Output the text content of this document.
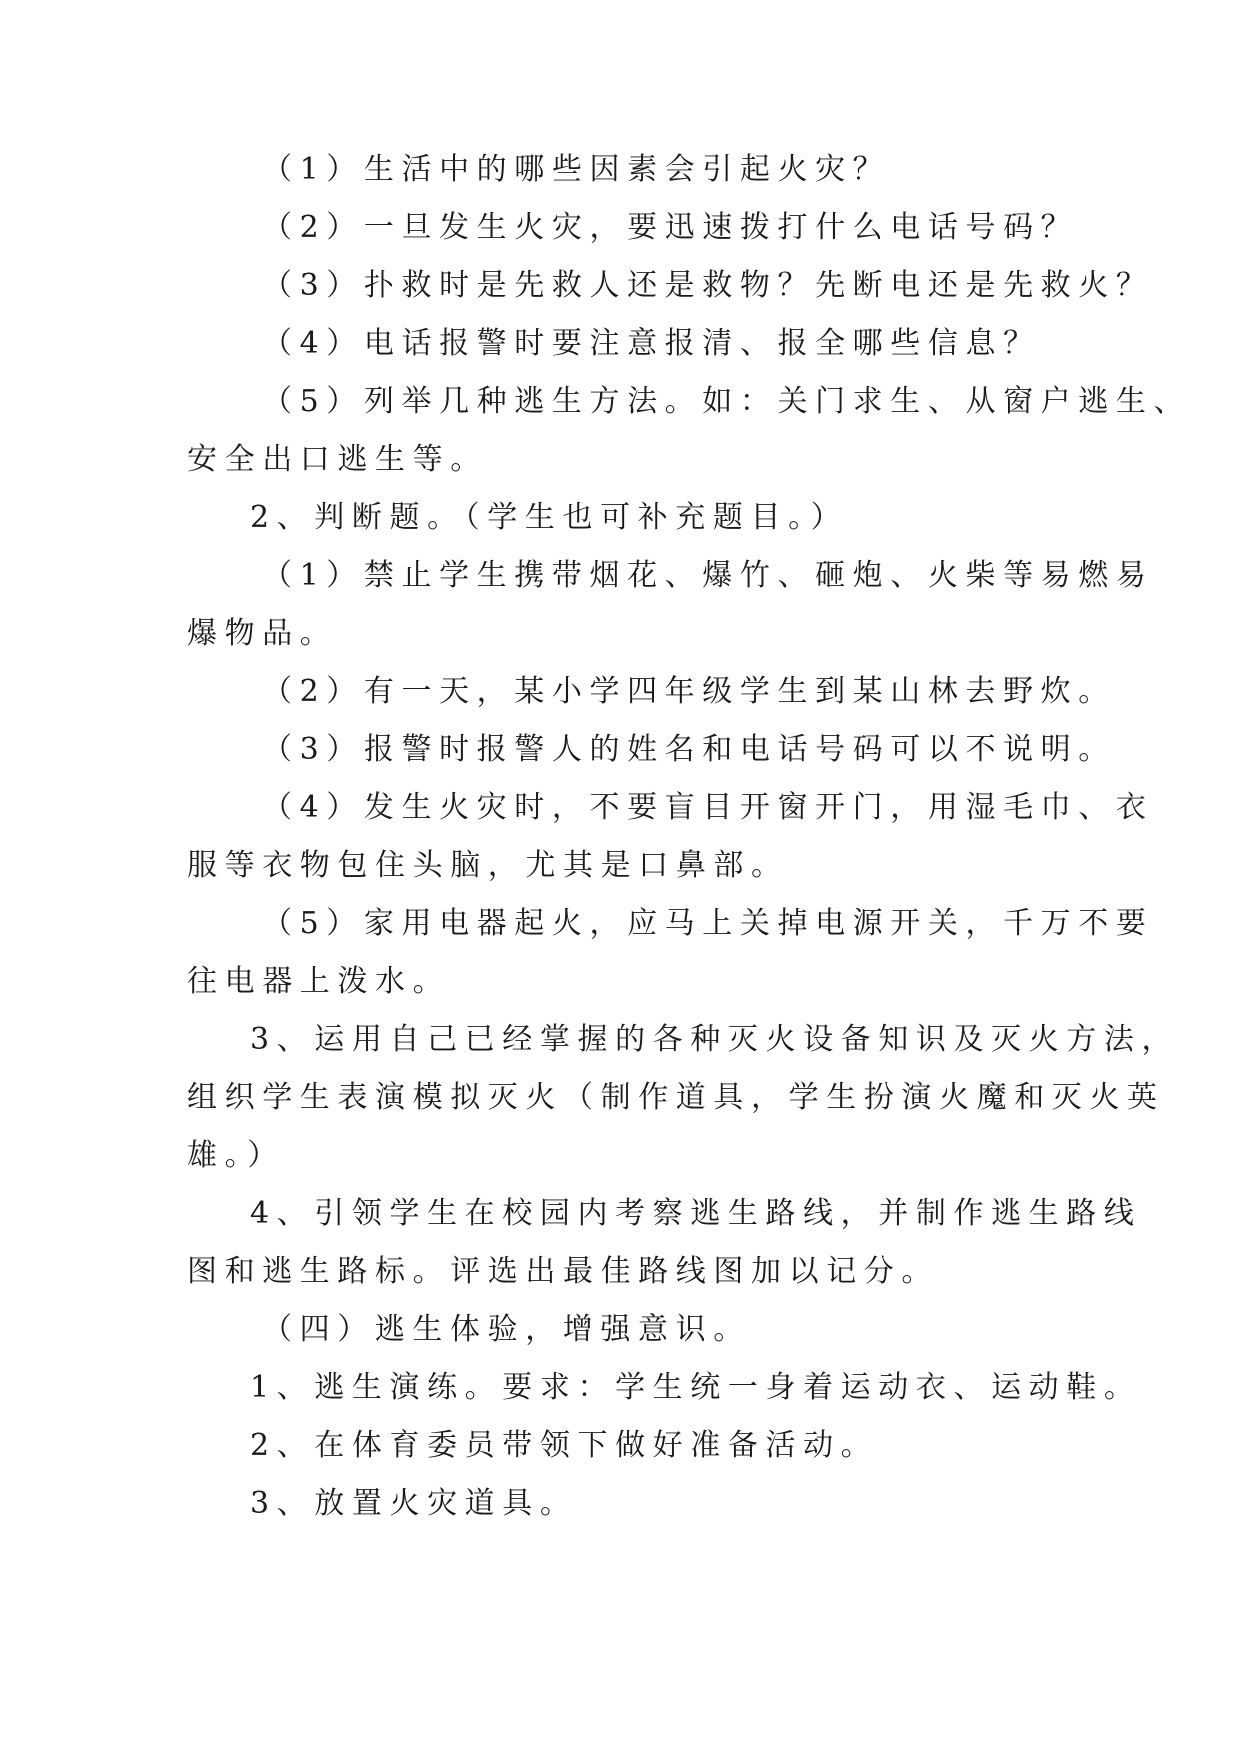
（1）生活中的哪些因素会引起火灾？
（2）一旦发生火灾，要迅速拨打什么电话号码？
（3）扑救时是先救人还是救物？先断电还是先救火？
（4）电话报警时要注意报清、报全哪些信息？
（5）列举几种逃生方法。如：关门求生、从窗户逃生、
安全出口逃生等。
2、判断题。（学生也可补充题目。）
（1）禁止学生携带烟花、爆竹、砸炮、火柴等易燃易
爆物品。
（2）有一天，某小学四年级学生到某山林去野炊。
（3）报警时报警人的姓名和电话号码可以不说明。
（4）发生火灾时，不要盲目开窗开门，用湿毛巾、衣
服等衣物包住头脑，尤其是口鼻部。
（5）家用电器起火，应马上关掉电源开关，千万不要
往电器上泼水。
3、运用自己已经掌握的各种灭火设备知识及灭火方法，
组织学生表演模拟灭火（制作道具，学生扮演火魔和灭火英
雄。）
4、引领学生在校园内考察逃生路线，并制作逃生路线
图和逃生路标。评选出最佳路线图加以记分。
（四）逃生体验，增强意识。
1、逃生演练。要求：学生统一身着运动衣、运动鞋。
2、在体育委员带领下做好准备活动。
3、放置火灾道具。
